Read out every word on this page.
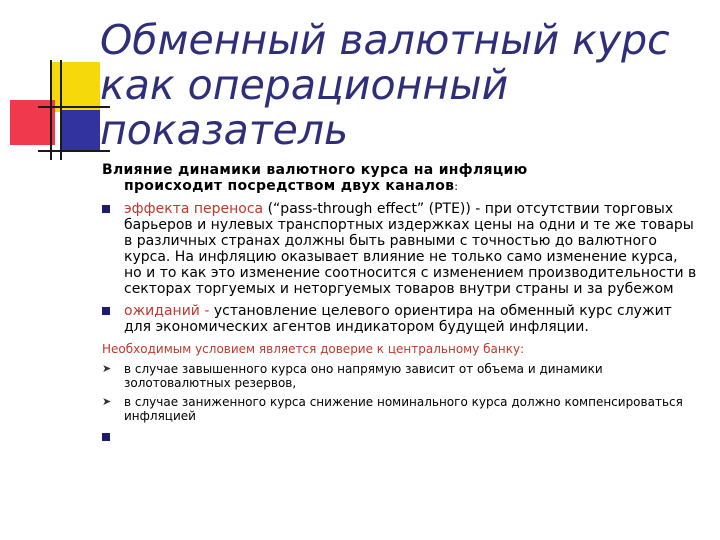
Обменный валютный курс как операционный показатель
Влияние динамики валютного курса на инфляцию
происходит посредством двух каналов:
эффекта переноса (“pass-through effect” (PTE)) - при отсутствии торговых барьеров и нулевых транспортных издержках цены на одни и те же товары в различных странах должны быть равными с точностью до валютного курса. На инфляцию оказывает влияние не только само изменение курса, но и то как это изменение соотносится с изменением производительности в секторах торгуемых и неторгуемых товаров внутри страны и за рубежом
ожиданий - установление целевого ориентира на обменный курс служит для экономических агентов индикатором будущей инфляции.
Необходимым условием является доверие к центральному банку:
➤ в случае завышенного курса оно напрямую зависит от объема и динамики золотовалютных резервов,
➤ в случае заниженного курса снижение номинального курса должно компенсироваться инфляцией
